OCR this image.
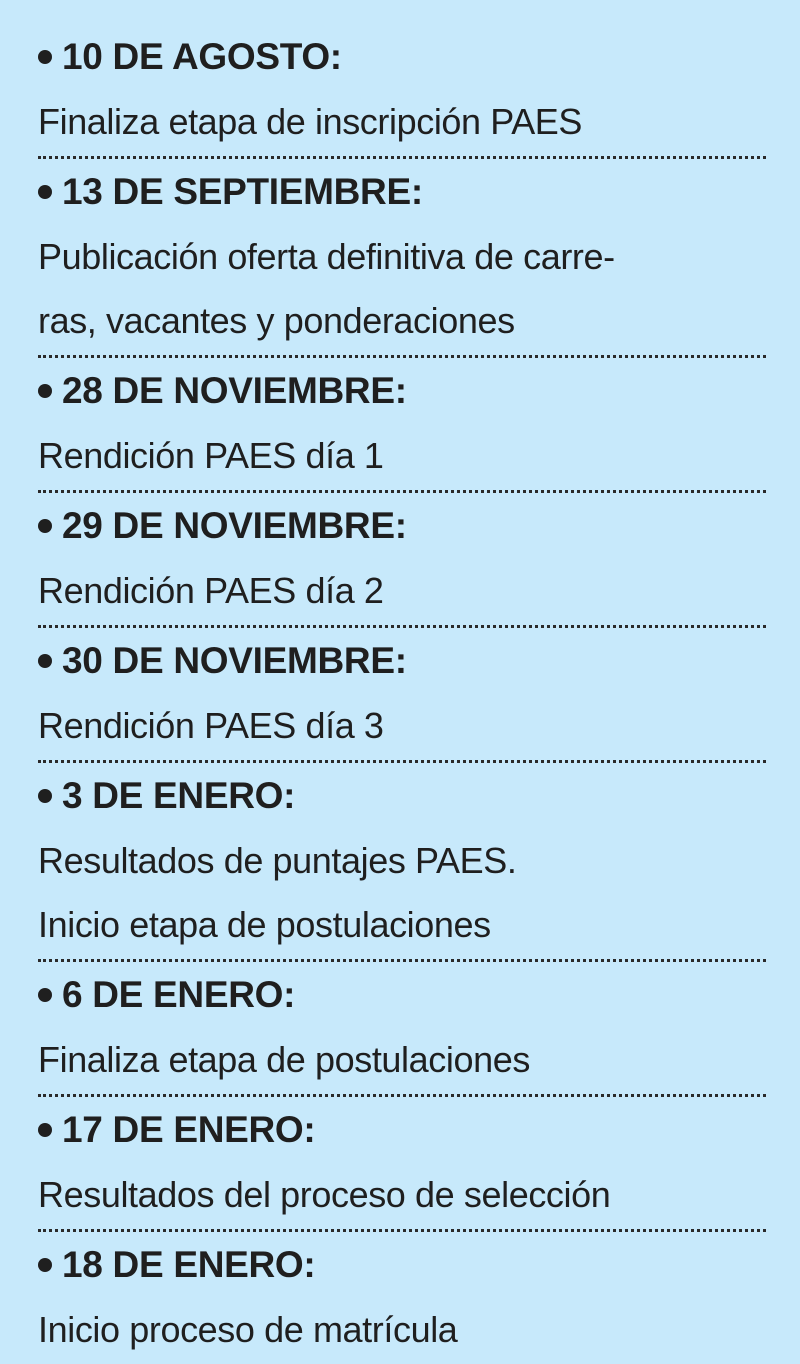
10 DE AGOSTO:

Finaliza etapa de inscripción PAES

13 DE SEPTIEMBRE:

Publicación oferta definitiva de carre-
ras, vacantes y ponderaciones

28 DE NOVIEMBRE:

Rendición PAES día 1

29 DE NOVIEMBRE:

Rendición PAES día 2

30 DE NOVIEMBRE:

Rendición PAES día 3

3 DE ENERO:

Resultados de puntajes PAES.
Inicio etapa de postulaciones

6 DE ENERO:

Finaliza etapa de postulaciones

17 DE ENERO:

Resultados del proceso de selección

18 DE ENERO:

Inicio proceso de matrícula
